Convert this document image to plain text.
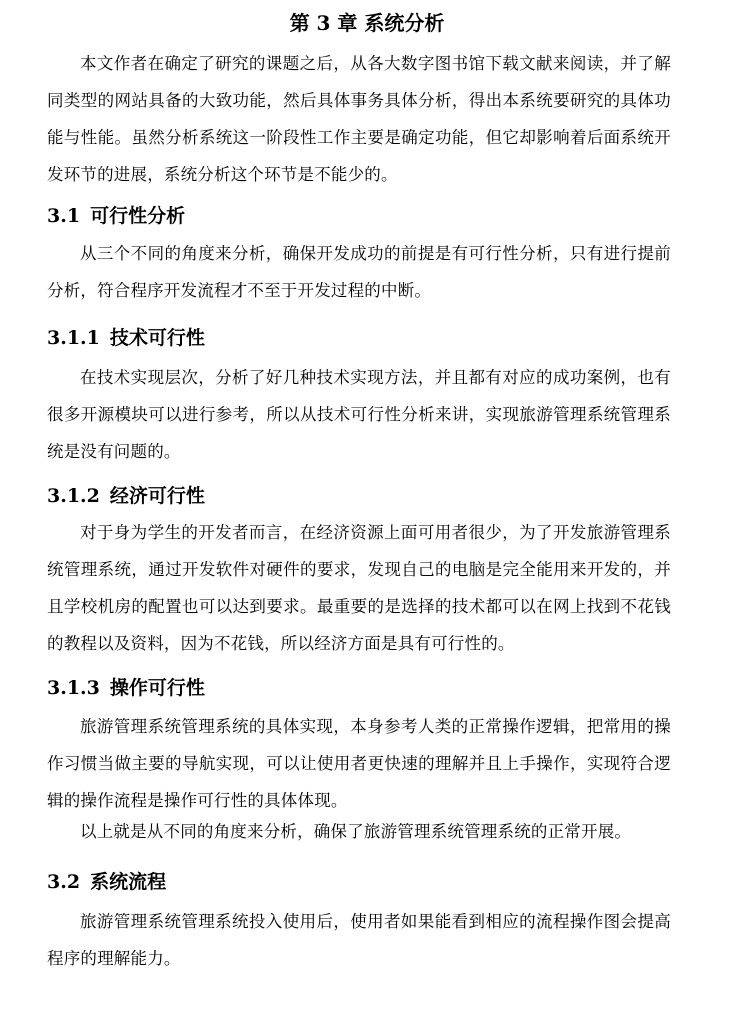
第 3 章 系统分析

本文作者在确定了研究的课题之后，从各大数字图书馆下载文献来阅读，并了解同类型的网站具备的大致功能，然后具体事务具体分析，得出本系统要研究的具体功能与性能。虽然分析系统这一阶段性工作主要是确定功能，但它却影响着后面系统开发环节的进展，系统分析这个环节是不能少的。

3.1 可行性分析

从三个不同的角度来分析，确保开发成功的前提是有可行性分析，只有进行提前分析，符合程序开发流程才不至于开发过程的中断。

3.1.1 技术可行性

在技术实现层次，分析了好几种技术实现方法，并且都有对应的成功案例，也有很多开源模块可以进行参考，所以从技术可行性分析来讲，实现旅游管理系统管理系统是没有问题的。

3.1.2 经济可行性

对于身为学生的开发者而言，在经济资源上面可用者很少，为了开发旅游管理系统管理系统，通过开发软件对硬件的要求，发现自己的电脑是完全能用来开发的，并且学校机房的配置也可以达到要求。最重要的是选择的技术都可以在网上找到不花钱的教程以及资料，因为不花钱，所以经济方面是具有可行性的。

3.1.3 操作可行性

旅游管理系统管理系统的具体实现，本身参考人类的正常操作逻辑，把常用的操作习惯当做主要的导航实现，可以让使用者更快速的理解并且上手操作，实现符合逻辑的操作流程是操作可行性的具体体现。

以上就是从不同的角度来分析，确保了旅游管理系统管理系统的正常开展。

3.2 系统流程

旅游管理系统管理系统投入使用后，使用者如果能看到相应的流程操作图会提高程序的理解能力。
